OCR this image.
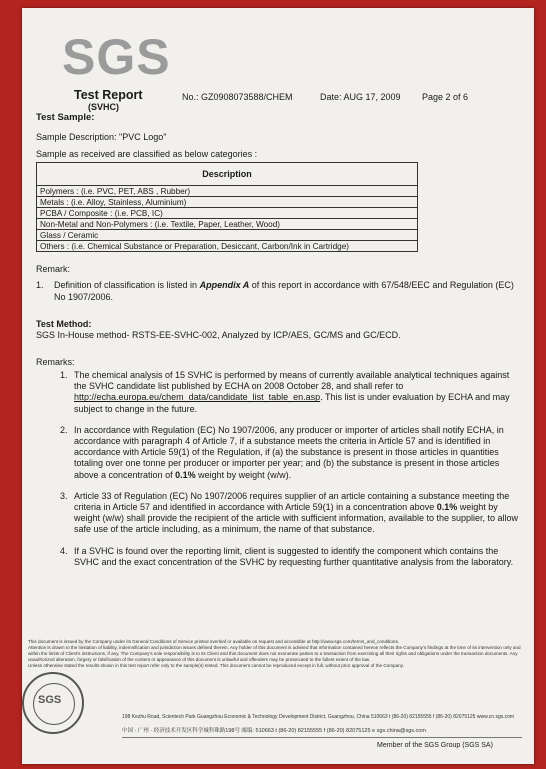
SGS
Test Report
(SVHC)
No.: GZ0908073588/CHEM	Date: AUG 17, 2009 Page 2 of 6
Test Sample:
Sample Description: "PVC Logo"
Sample as received are classified as below categories :
Description
Polymers : (i.e. PVC, PET, ABS , Rubber)
Metals : (i.e. Alloy, Stainless, Aluminium)
PCBA / Composite : (i.e. PCB, IC)
Non-Metal and Non-Polymers : (i.e. Textile, Paper, Leather, Wood)
Glass / Ceramic
Others : (i.e. Chemical Substance or Preparation, Desiccant, Carbon/Ink in Cartridge)
Remark:
1. Definition of classification is listed in Appendix A of this report in accordance with 67/548/EEC and Regulation (EC) No 1907/2006.
Test Method:
SGS In-House method- RSTS-EE-SVHC-002, Analyzed by ICP/AES, GC/MS and GC/ECD.
Remarks:
1. The chemical analysis of 15 SVHC is performed by means of currently available analytical techniques against the SVHC candidate list published by ECHA on 2008 October 28, and shall refer to http://echa.europa.eu/chem_data/candidate_list_table_en.asp. This list is under evaluation by ECHA and may subject to change in the future.
2. In accordance with Regulation (EC) No 1907/2006, any producer or importer of articles shall notify ECHA, in accordance with paragraph 4 of Article 7, if a substance meets the criteria in Article 57 and is identified in accordance with Article 59(1) of the Regulation, if (a) the substance is present in those articles in quantities totaling over one tonne per producer or importer per year; and (b) the substance is present in those articles above a concentration of 0.1% weight by weight (w/w).
3. Article 33 of Regulation (EC) No 1907/2006 requires supplier of an article containing a substance meeting the criteria in Article 57 and identified in accordance with Article 59(1) in a concentration above 0.1% weight by weight (w/w) shall provide the recipient of the article with sufficient information, available to the supplier, to allow safe use of the article including, as a minimum, the name of that substance.
4. If a SVHC is found over the reporting limit, client is suggested to identify the component which contains the SVHC and the exact concentration of the SVHC by requesting further quantitative analysis from the laboratory.
This document is issued by the Company under its General Conditions of Service printed overleaf or available on request and accessible at http://www.sgs.com/terms_and_conditions.
Attention is drawn to the limitation of liability, indemnification and jurisdiction issues defined therein. Any holder of this document is advised that information contained hereon reflects the Company's findings at the time of its intervention only and within the limits of Client's instructions, if any. The Company's sole responsibility is to its Client and this document does not exonerate parties to a transaction from exercising all their rights and obligations under the transaction documents. Any unauthorized alteration, forgery or falsification of the content or appearance of this document is unlawful and offenders may be prosecuted to the fullest extent of the law.
Unless otherwise stated the results shown in this test report refer only to the sample(s) tested. This document cannot be reproduced except in full, without prior approval of the Company.
SGS
198 Kezhu Road, Scientech Park Guangzhou Economic & Technology Development District, Guangzhou, China 510663 t (86-20) 82155555 f (86-20) 82075125 www.cn.sgs.com
中国 · 广州 · 经济技术开发区科学城科珠路198号 邮编: 510663 t (86-20) 82155555 f (86-20) 82075125 e sgs.china@sgs.com
Member of the SGS Group (SGS SA)
